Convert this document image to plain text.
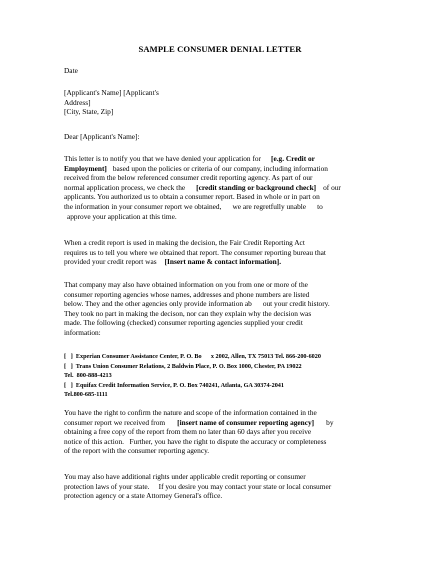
SAMPLE CONSUMER DENIAL LETTER

Date

[Applicant's Name] [Applicant's
Address]
[City, State, Zip]

Dear [Applicant's Name]:

This letter is to notify you that we have denied your application for [e.g. Credit or
Employment] based upon the policies or criteria of our company, including information
received from the below referenced consumer credit reporting agency. As part of our
normal application process, we check the [credit standing or background check] of our
applicants. You authorized us to obtain a consumer report. Based in whole or in part on
the information in your consumer report we obtained,      we are regretfully unable      to
approve your application at this time.

When a credit report is used in making the decision, the Fair Credit Reporting Act
requires us to tell you where we obtained that report. The consumer reporting bureau that
provided your credit report was [Insert name & contact information].

That company may also have obtained information on you from one or more of the
consumer reporting agencies whose names, addresses and phone numbers are listed
below. They and the other agencies only provide information ab      out your credit history.
They took no part in making the decison, nor can they explain why the decision was
made. The following (checked) consumer reporting agencies supplied your credit
information:

[   ]  Experian Consumer Assistance Center, P. O. Bo      x 2002, Allen, TX 75013 Tel. 866-200-6020
[   ]  Trans Union Consumer Relations, 2 Baldwin Place, P. O. Box 1000, Chester, PA 19022
Tel.  800-888-4213
[   ]  Equifax Credit Information Service, P. O. Box 740241, Atlanta, GA 30374-2041
Tel.800-685-1111

You have the right to confirm the nature and scope of the information contained in the
consumer report we received from [insert name of consumer reporting agency] by
obtaining a free copy of the report from them no later than 60 days after you receive
notice of this action.   Further, you have the right to dispute the accuracy or completeness
of the report with the consumer reporting agency.

You may also have additional rights under applicable credit reporting or consumer
protection laws of your state.     If you desire you may contact your state or local consumer
protection agency or a state Attorney General's office.
